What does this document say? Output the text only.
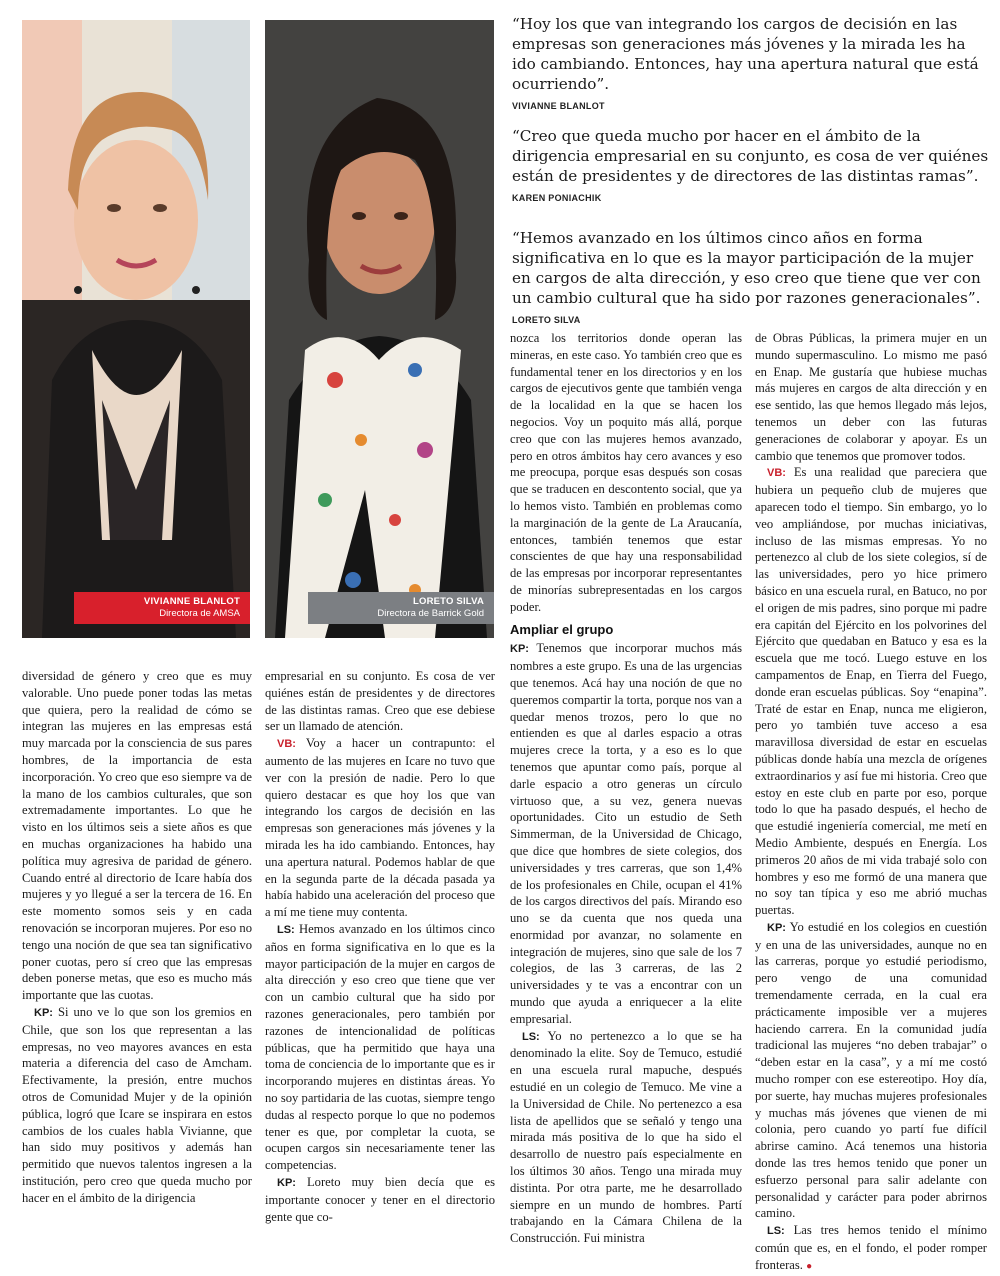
VIVIANNE BLANLOT
Directora de AMSA
LORETO SILVA
Directora de Barrick Gold

“Hoy los que van integrando los cargos de decisión en las empresas son generaciones más jóvenes y la mirada les ha ido cambiando. Entonces, hay una apertura natural que está ocurriendo”.

VIVIANNE BLANLOT

“Creo que queda mucho por hacer en el ámbito de la dirigencia empresarial en su conjunto, es cosa de ver quiénes están de presidentes y de directores de las distintas ramas”.

KAREN PONIACHIK

“Hemos avanzado en los últimos cinco años en forma significativa en lo que es la mayor participación de la mujer en cargos de alta dirección, y eso creo que tiene que ver con un cambio cultural que ha sido por razones generacionales”.

LORETO SILVA

diversidad de género y creo que es muy valorable. Uno puede poner todas las metas que quiera, pero la realidad de cómo se integran las mujeres en las empresas está muy marcada por la consciencia de sus pares hombres, de la importancia de esta incorporación. Yo creo que eso siempre va de la mano de los cambios culturales, que son extremadamente importantes. Lo que he visto en los últimos seis a siete años es que en muchas organizaciones ha habido una política muy agresiva de paridad de género. Cuando entré al directorio de Icare había dos mujeres y yo llegué a ser la tercera de 16. En este momento somos seis y en cada renovación se incorporan mujeres. Por eso no tengo una noción de que sea tan significativo poner cuotas, pero sí creo que las empresas deben ponerse metas, que eso es mucho más importante que las cuotas.

KP: Si uno ve lo que son los gremios en Chile, que son los que representan a las empresas, no veo mayores avances en esta materia a diferencia del caso de Amcham. Efectivamente, la presión, entre muchos otros de Comunidad Mujer y de la opinión pública, logró que Icare se inspirara en estos cambios de los cuales habla Vivianne, que han sido muy positivos y además han permitido que nuevos talentos ingresen a la institución, pero creo que queda mucho por hacer en el ámbito de la dirigencia

empresarial en su conjunto. Es cosa de ver quiénes están de presidentes y de directores de las distintas ramas. Creo que ese debiese ser un llamado de atención.

VB: Voy a hacer un contrapunto: el aumento de las mujeres en Icare no tuvo que ver con la presión de nadie. Pero lo que quiero destacar es que hoy los que van integrando los cargos de decisión en las empresas son generaciones más jóvenes y la mirada les ha ido cambiando. Entonces, hay una apertura natural. Podemos hablar de que en la segunda parte de la década pasada ya había habido una aceleración del proceso que a mí me tiene muy contenta.

LS: Hemos avanzado en los últimos cinco años en forma significativa en lo que es la mayor participación de la mujer en cargos de alta dirección y eso creo que tiene que ver con un cambio cultural que ha sido por razones generacionales, pero también por razones de intencionalidad de políticas públicas, que ha permitido que haya una toma de conciencia de lo importante que es ir incorporando mujeres en distintas áreas. Yo no soy partidaria de las cuotas, siempre tengo dudas al respecto porque lo que no podemos tener es que, por completar la cuota, se ocupen cargos sin necesariamente tener las competencias.

KP: Loreto muy bien decía que es importante conocer y tener en el directorio gente que co-

nozca los territorios donde operan las mineras, en este caso. Yo también creo que es fundamental tener en los directorios y en los cargos de ejecutivos gente que también venga de la localidad en la que se hacen los negocios. Voy un poquito más allá, porque creo que con las mujeres hemos avanzado, pero en otros ámbitos hay cero avances y eso me preocupa, porque esas después son cosas que se traducen en descontento social, que ya lo hemos visto. También en problemas como la marginación de la gente de La Araucanía, entonces, también tenemos que estar conscientes de que hay una responsabilidad de las empresas por incorporar representantes de minorías subrepresentadas en los cargos poder.

Ampliar el grupo

KP: Tenemos que incorporar muchos más nombres a este grupo. Es una de las urgencias que tenemos. Acá hay una noción de que no queremos compartir la torta, porque nos van a quedar menos trozos, pero lo que no entienden es que al darles espacio a otras mujeres crece la torta, y a eso es lo que tenemos que apuntar como país, porque al darle espacio a otro generas un círculo virtuoso que, a su vez, genera nuevas oportunidades. Cito un estudio de Seth Simmerman, de la Universidad de Chicago, que dice que hombres de siete colegios, dos universidades y tres carreras, que son 1,4% de los profesionales en Chile, ocupan el 41% de los cargos directivos del país. Mirando eso uno se da cuenta que nos queda una enormidad por avanzar, no solamente en integración de mujeres, sino que sale de los 7 colegios, de las 3 carreras, de las 2 universidades y te vas a encontrar con un mundo que ayuda a enriquecer a la elite empresarial.

LS: Yo no pertenezco a lo que se ha denominado la elite. Soy de Temuco, estudié en una escuela rural mapuche, después estudié en un colegio de Temuco. Me vine a la Universidad de Chile. No pertenezco a esa lista de apellidos que se señaló y tengo una mirada más positiva de lo que ha sido el desarrollo de nuestro país especialmente en los últimos 30 años. Tengo una mirada muy distinta. Por otra parte, me he desarrollado siempre en un mundo de hombres. Partí trabajando en la Cámara Chilena de la Construcción. Fui ministra

de Obras Públicas, la primera mujer en un mundo supermasculino. Lo mismo me pasó en Enap. Me gustaría que hubiese muchas más mujeres en cargos de alta dirección y en ese sentido, las que hemos llegado más lejos, tenemos un deber con las futuras generaciones de colaborar y apoyar. Es un cambio que tenemos que promover todos.

VB: Es una realidad que pareciera que hubiera un pequeño club de mujeres que aparecen todo el tiempo. Sin embargo, yo lo veo ampliándose, por muchas iniciativas, incluso de las mismas empresas. Yo no pertenezco al club de los siete colegios, sí de las universidades, pero yo hice primero básico en una escuela rural, en Batuco, no por el origen de mis padres, sino porque mi padre era capitán del Ejército en los polvorines del Ejército que quedaban en Batuco y esa es la escuela que me tocó. Luego estuve en los campamentos de Enap, en Tierra del Fuego, donde eran escuelas públicas. Soy “enapina”. Traté de estar en Enap, nunca me eligieron, pero yo también tuve acceso a esa maravillosa diversidad de estar en escuelas públicas donde había una mezcla de orígenes extraordinarios y así fue mi historia. Creo que estoy en este club en parte por eso, porque todo lo que ha pasado después, el hecho de que estudié ingeniería comercial, me metí en Medio Ambiente, después en Energía. Los primeros 20 años de mi vida trabajé solo con hombres y eso me formó de una manera que no soy tan típica y eso me abrió muchas puertas.

KP: Yo estudié en los colegios en cuestión y en una de las universidades, aunque no en las carreras, porque yo estudié periodismo, pero vengo de una comunidad tremendamente cerrada, en la cual era prácticamente imposible ver a mujeres haciendo carrera. En la comunidad judía tradicional las mujeres “no deben trabajar” o “deben estar en la casa”, y a mí me costó mucho romper con ese estereotipo. Hoy día, por suerte, hay muchas mujeres profesionales y muchas más jóvenes que vienen de mi colonia, pero cuando yo partí fue difícil abrirse camino. Acá tenemos una historia donde las tres hemos tenido que poner un esfuerzo personal para salir adelante con personalidad y carácter para poder abrirnos camino.

LS: Las tres hemos tenido el mínimo común que es, en el fondo, el poder romper fronteras. ●
